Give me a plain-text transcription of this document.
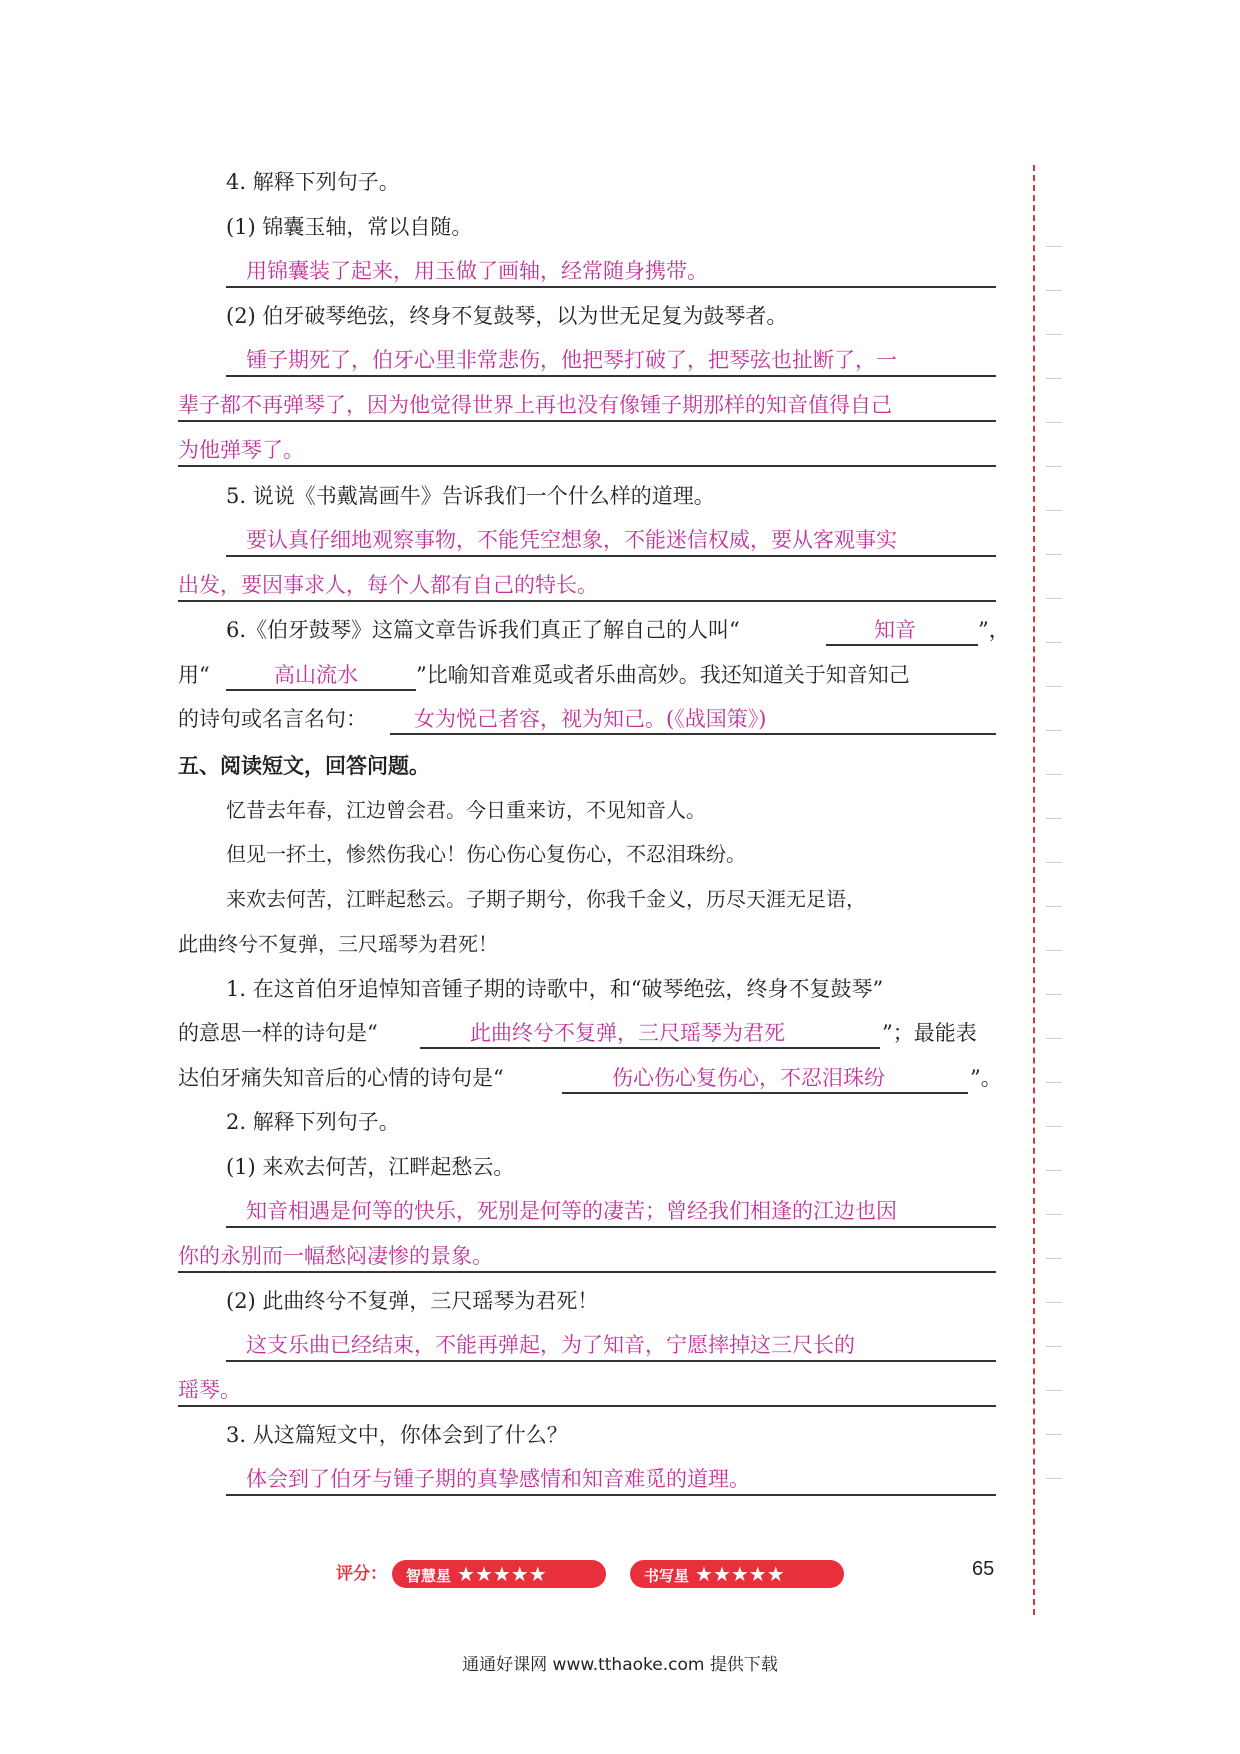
4. 解释下列句子。
(1) 锦囊玉轴，常以自随。
用锦囊装了起来，用玉做了画轴，经常随身携带。
(2) 伯牙破琴绝弦，终身不复鼓琴，以为世无足复为鼓琴者。
锺子期死了，伯牙心里非常悲伤，他把琴打破了，把琴弦也扯断了，一
辈子都不再弹琴了，因为他觉得世界上再也没有像锺子期那样的知音值得自己
为他弹琴了。
5. 说说《书戴嵩画牛》告诉我们一个什么样的道理。
要认真仔细地观察事物，不能凭空想象，不能迷信权威，要从客观事实
出发，要因事求人，每个人都有自己的特长。
6.《伯牙鼓琴》这篇文章告诉我们真正了解自己的人叫“	知音	”，
用“	高山流水	”比喻知音难觅或者乐曲高妙。我还知道关于知音知己
的诗句或名言名句： 女为悦己者容，视为知己。(《战国策》)
五、阅读短文，回答问题。
忆昔去年春，江边曾会君。今日重来访，不见知音人。
但见一抔土，惨然伤我心！伤心伤心复伤心，不忍泪珠纷。
来欢去何苦，江畔起愁云。子期子期兮，你我千金义，历尽天涯无足语，
此曲终兮不复弹，三尺瑶琴为君死！
1. 在这首伯牙追悼知音锺子期的诗歌中，和“破琴绝弦，终身不复鼓琴”
的意思一样的诗句是“	此曲终兮不复弹，三尺瑶琴为君死	”；最能表
达伯牙痛失知音后的心情的诗句是“	伤心伤心复伤心，不忍泪珠纷	”。
2. 解释下列句子。
(1) 来欢去何苦，江畔起愁云。
知音相遇是何等的快乐，死别是何等的凄苦；曾经我们相逢的江边也因
你的永别而一幅愁闷凄惨的景象。
(2) 此曲终兮不复弹，三尺瑶琴为君死！
这支乐曲已经结束，不能再弹起，为了知音，宁愿摔掉这三尺长的
瑶琴。
3. 从这篇短文中，你体会到了什么？
体会到了伯牙与锺子期的真挚感情和知音难觅的道理。
评分：	智慧星 ★★★★★	书写星 ★★★★★	65
通通好课网 www.tthaoke.com 提供下载
